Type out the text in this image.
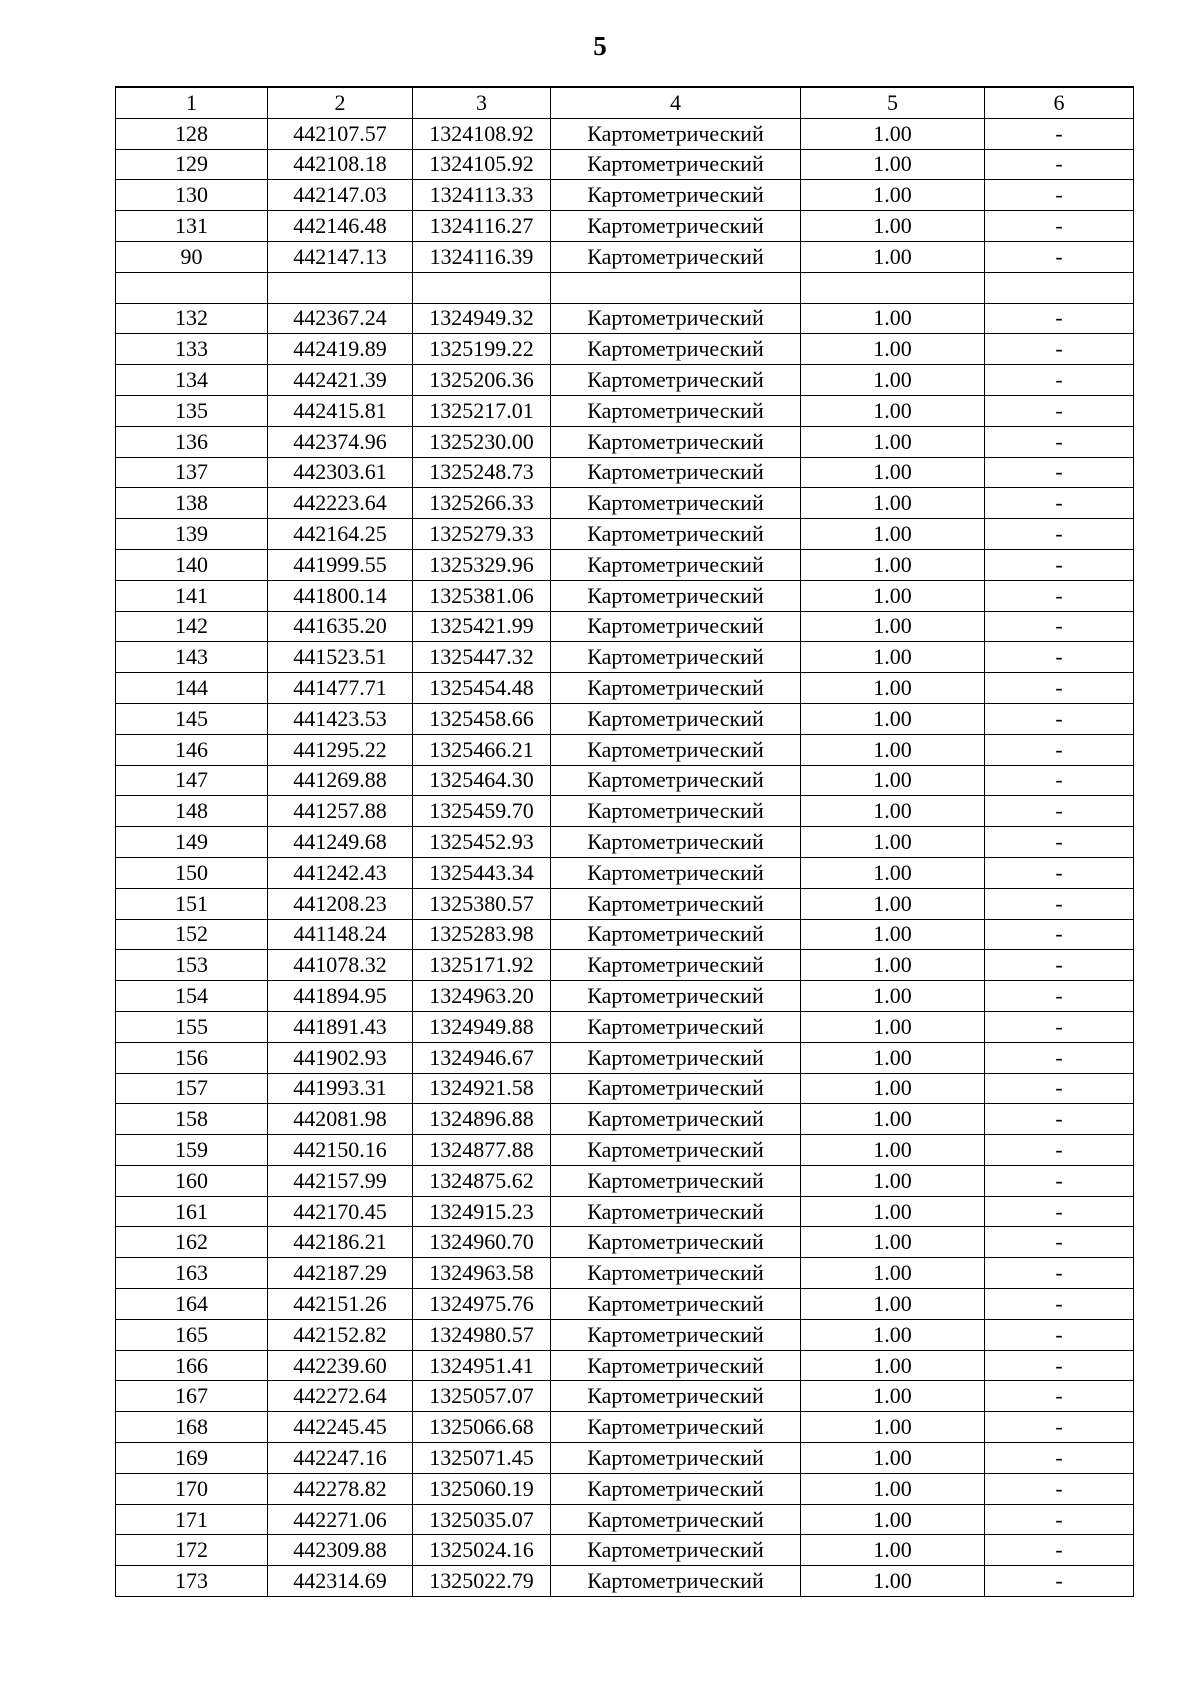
5
1	2	3	4	5	6
128	442107.57	1324108.92	Картометрический	1.00	-
129	442108.18	1324105.92	Картометрический	1.00	-
130	442147.03	1324113.33	Картометрический	1.00	-
131	442146.48	1324116.27	Картометрический	1.00	-
90	442147.13	1324116.39	Картометрический	1.00	-

132	442367.24	1324949.32	Картометрический	1.00	-
133	442419.89	1325199.22	Картометрический	1.00	-
134	442421.39	1325206.36	Картометрический	1.00	-
135	442415.81	1325217.01	Картометрический	1.00	-
136	442374.96	1325230.00	Картометрический	1.00	-
137	442303.61	1325248.73	Картометрический	1.00	-
138	442223.64	1325266.33	Картометрический	1.00	-
139	442164.25	1325279.33	Картометрический	1.00	-
140	441999.55	1325329.96	Картометрический	1.00	-
141	441800.14	1325381.06	Картометрический	1.00	-
142	441635.20	1325421.99	Картометрический	1.00	-
143	441523.51	1325447.32	Картометрический	1.00	-
144	441477.71	1325454.48	Картометрический	1.00	-
145	441423.53	1325458.66	Картометрический	1.00	-
146	441295.22	1325466.21	Картометрический	1.00	-
147	441269.88	1325464.30	Картометрический	1.00	-
148	441257.88	1325459.70	Картометрический	1.00	-
149	441249.68	1325452.93	Картометрический	1.00	-
150	441242.43	1325443.34	Картометрический	1.00	-
151	441208.23	1325380.57	Картометрический	1.00	-
152	441148.24	1325283.98	Картометрический	1.00	-
153	441078.32	1325171.92	Картометрический	1.00	-
154	441894.95	1324963.20	Картометрический	1.00	-
155	441891.43	1324949.88	Картометрический	1.00	-
156	441902.93	1324946.67	Картометрический	1.00	-
157	441993.31	1324921.58	Картометрический	1.00	-
158	442081.98	1324896.88	Картометрический	1.00	-
159	442150.16	1324877.88	Картометрический	1.00	-
160	442157.99	1324875.62	Картометрический	1.00	-
161	442170.45	1324915.23	Картометрический	1.00	-
162	442186.21	1324960.70	Картометрический	1.00	-
163	442187.29	1324963.58	Картометрический	1.00	-
164	442151.26	1324975.76	Картометрический	1.00	-
165	442152.82	1324980.57	Картометрический	1.00	-
166	442239.60	1324951.41	Картометрический	1.00	-
167	442272.64	1325057.07	Картометрический	1.00	-
168	442245.45	1325066.68	Картометрический	1.00	-
169	442247.16	1325071.45	Картометрический	1.00	-
170	442278.82	1325060.19	Картометрический	1.00	-
171	442271.06	1325035.07	Картометрический	1.00	-
172	442309.88	1325024.16	Картометрический	1.00	-
173	442314.69	1325022.79	Картометрический	1.00	-
